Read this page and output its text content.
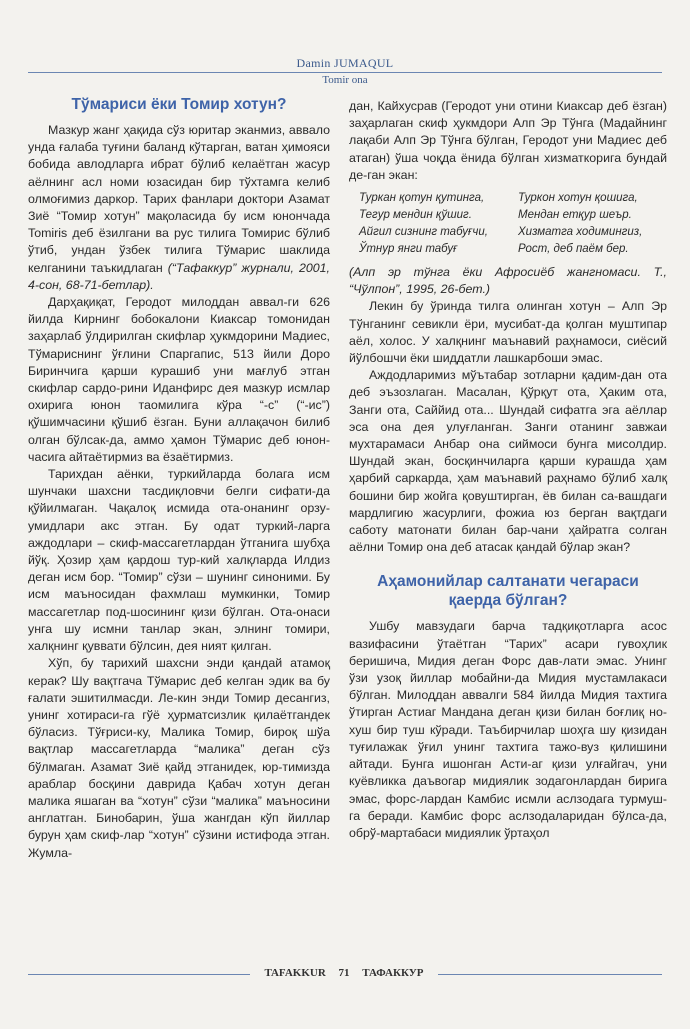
Damin JUMAQUL
Tomir ona
Тўмариси ёки Томир хотун?

Мазкур жанг ҳақида сўз юритар эканмиз, аввало унда ғалаба туғини баланд кўтарган, ватан ҳимояси бобида авлодларга ибрат бўлиб келаётган жасур аёлнинг асл номи юзасидан бир тўхтамга келиб олмоғимиз даркор. Тарих фанлари доктори Азамат Зиё “Томир хотун” мақоласида бу исм юнончада Tomiris деб ёзилгани ва рус тилига Томирис бўлиб ўтиб, ундан ўзбек тилига Тўмарис шаклида келганини таъкидлаган (“Тафаккур” журнали, 2001, 4-сон, 68-71-бетлар).

Дарҳақиқат, Геродот милоддан аввал-ги 626 йилда Кирнинг бобокалони Киаксар томонидан заҳарлаб ўлдирилган скифлар ҳукмдорини Мадиес, Тўмариснинг ўғлини Спаргапис, 513 йили Доро Биринчига қарши курашиб уни мағлуб этган скифлар сардо-рини Иданфирс дея мазкур исмлар охирига юнон таомилига кўра “-с” (“-ис”) қўшимчасини қўшиб ёзган. Буни аллақачон билиб олган бўлсак-да, аммо ҳамон Тўмарис деб юнон-часига айтаётирмиз ва ёзаётирмиз.

Тарихдан аёнки, туркийларда болага исм шунчаки шахсни тасдиқловчи белги сифати-да қўйилмаган. Чақалоқ исмида ота-онанинг орзу-умидлари акс этган. Бу одат туркий-ларга аждодлари – скиф-массагетлардан ўтганига шубҳа йўқ. Ҳозир ҳам қардош тур-кий халқларда Илдиз деган исм бор. “Томир” сўзи – шунинг синоними. Бу исм маъносидан фахмлаш мумкинки, Томир массагетлар под-шосининг қизи бўлган. Ота-онаси унга шу исмни танлар экан, элнинг томири, халқнинг қуввати бўлсин, дея ният қилган.

Хўп, бу тарихий шахсни энди қандай атамоқ керак? Шу вақтгача Тўмарис деб келган эдик ва бу ғалати эшитилмасди. Ле-кин энди Томир десангиз, унинг хотираси-га гўё ҳурматсизлик қилаётгандек бўласиз. Тўғриси-ку, Малика Томир, бироқ шўа вақтлар массагетларда “малика” деган сўз бўлмаган. Азамат Зиё қайд этганидек, юр-тимизда араблар босқини даврида Қабач хотун деган малика яшаган ва “хотун” сўзи “малика” маъносини англатган. Бинобарин, ўша жангдан кўп йиллар бурун ҳам скиф-лар “хотун” сўзини истифода этган. Жумла-

дан, Кайхусрав (Геродот уни отини Киаксар деб ёзган) заҳарлаган скиф ҳукмдори Алп Эр Тўнга (Мадайнинг лақаби Алп Эр Тўнга бўлган, Геродот уни Мадиес деб атаган) ўша чоқда ёнида бўлган хизматкорига бундай де-ган экан:

Туркан қотун қутинга,
Тегур мендин қўшиг.
Айгил сизнинг табуғчи,
Ўтнур янги табуғ
Туркон хотун қошига,
Мендан етқур шеър.
Хизматга ходимингиз,
Рост, деб паём бер.

(Алп эр тўнга ёки Афросиёб жангномаси. Т., “Чўлпон”, 1995, 26-бет.)

Лекин бу ўринда тилга олинган хотун – Алп Эр Тўнганинг севикли ёри, мусибат-да қолган муштипар аёл, холос. У халқнинг маънавий раҳнамоси, сиёсий йўлбошчи ёки шиддатли лашкарбоши эмас.

Аждодларимиз мўътабар зотларни қадим-дан ота деб эъзозлаган. Масалан, Қўрқут ота, Ҳаким ота, Занги ота, Саййид ота... Шундай сифатга эга аёллар эса она дея улуғланган. Занги отанинг завжаи мухтарамаси Анбар она сиймоси бунга мисолдир. Шундай экан, босқинчиларга қарши курашда ҳам ҳарбий саркарда, ҳам маънавий раҳнамо бўлиб халқ бошини бир жойга қовуштирган, ёв билан са-вашдаги мардлигию жасурлиги, фожиа юз берган вақтдаги саботу матонати билан бар-чани ҳайратга солган аёлни Томир она деб атасак қандай бўлар экан?

Аҳамонийлар салтанати чегараси қаерда бўлган?

Ушбу мавзудаги барча тадқиқотларга асос вазифасини ўтаётган “Тарих” асари гувоҳлик беришича, Мидия деган Форс дав-лати эмас. Унинг ўзи узоқ йиллар мобайни-да Мидия мустамлакаси бўлган. Милоддан аввалги 584 йилда Мидия тахтига ўтирган Астиаг Мандана деган қизи билан боғлиқ но-хуш бир туш кўради. Таъбирчилар шоҳга шу қизидан туғилажак ўғил унинг тахтига тажо-вуз қилишини айтади. Бунга ишонган Асти-аг қизи улғайгач, уни куёвликка даъвогар мидиялик зодагонлардан бирига эмас, форс-лардан Камбис исмли аслзодага турмуш-га беради. Камбис форс аслзодаларидан бўлса-да, обрў-мартабаси мидиялик ўртаҳол

TAFAKKUR 71 ТАФАККУР
